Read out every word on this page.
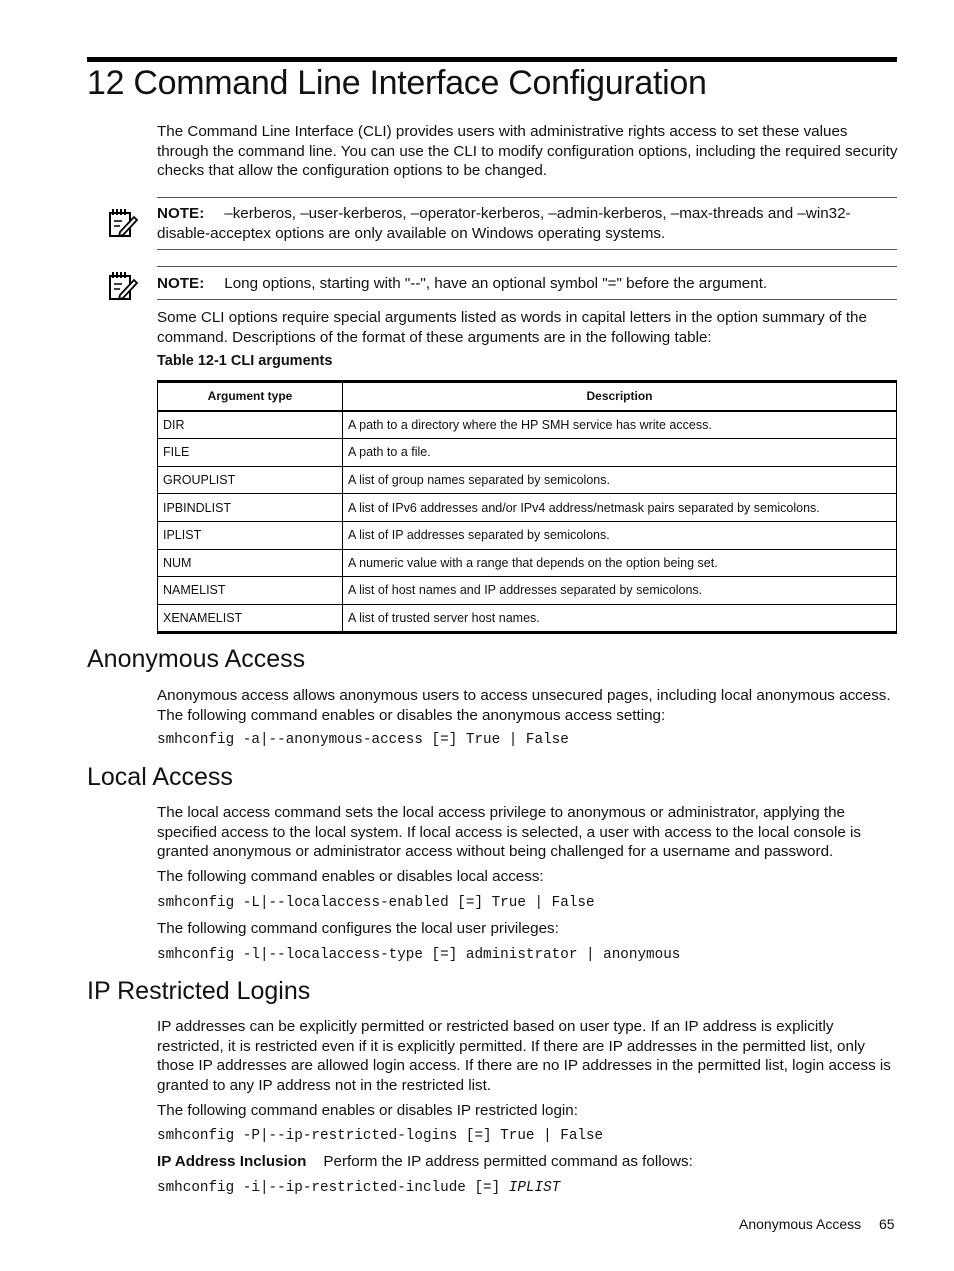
12 Command Line Interface Configuration

The Command Line Interface (CLI) provides users with administrative rights access to set these values through the command line. You can use the CLI to modify configuration options, including the required security checks that allow the configuration options to be changed.

NOTE: –kerberos, –user-kerberos, –operator-kerberos, –admin-kerberos, –max-threads and –win32-disable-acceptex options are only available on Windows operating systems.
NOTE: Long options, starting with "--", have an optional symbol "=" before the argument.

Some CLI options require special arguments listed as words in capital letters in the option summary of the command. Descriptions of the format of these arguments are in the following table:

Table 12-1 CLI arguments
Argument type	Description
DIR	A path to a directory where the HP SMH service has write access.
FILE	A path to a file.
GROUPLIST	A list of group names separated by semicolons.
IPBINDLIST	A list of IPv6 addresses and/or IPv4 address/netmask pairs separated by semicolons.
IPLIST	A list of IP addresses separated by semicolons.
NUM	A numeric value with a range that depends on the option being set.
NAMELIST	A list of host names and IP addresses separated by semicolons.
XENAMELIST	A list of trusted server host names.
Anonymous Access

Anonymous access allows anonymous users to access unsecured pages, including local anonymous access. The following command enables or disables the anonymous access setting:

smhconfig -a|--anonymous-access [=] True | False
Local Access

The local access command sets the local access privilege to anonymous or administrator, applying the specified access to the local system. If local access is selected, a user with access to the local console is granted anonymous or administrator access without being challenged for a username and password.

The following command enables or disables local access:

smhconfig -L|--localaccess-enabled [=] True | False

The following command configures the local user privileges:

smhconfig -l|--localaccess-type [=] administrator | anonymous
IP Restricted Logins

IP addresses can be explicitly permitted or restricted based on user type. If an IP address is explicitly restricted, it is restricted even if it is explicitly permitted. If there are IP addresses in the permitted list, only those IP addresses are allowed login access. If there are no IP addresses in the permitted list, login access is granted to any IP address not in the restricted list.

The following command enables or disables IP restricted login:

smhconfig -P|--ip-restricted-logins [=] True | False

IP Address Inclusion Perform the IP address permitted command as follows:

smhconfig -i|--ip-restricted-include [=] IPLIST
Anonymous Access 65
